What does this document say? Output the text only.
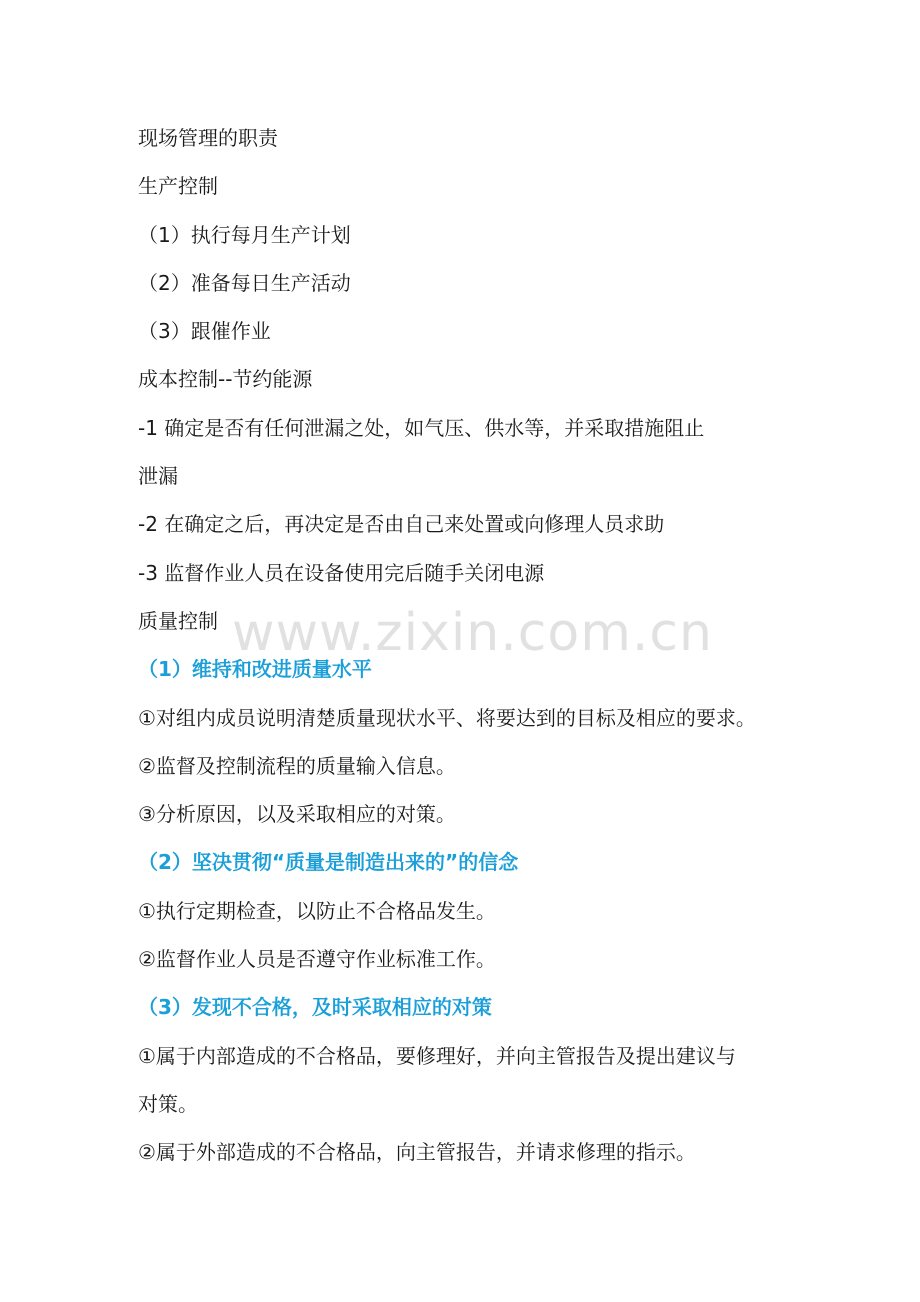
现场管理的职责
生产控制
（1）执行每月生产计划
（2）准备每日生产活动
（3）跟催作业
成本控制--节约能源
-1 确定是否有任何泄漏之处，如气压、供水等，并采取措施阻止
泄漏
-2 在确定之后，再决定是否由自己来处置或向修理人员求助
-3 监督作业人员在设备使用完后随手关闭电源
质量控制
（1）维持和改进质量水平
①对组内成员说明清楚质量现状水平、将要达到的目标及相应的要求。
②监督及控制流程的质量输入信息。
③分析原因，以及采取相应的对策。
（2）坚决贯彻“质量是制造出来的”的信念
①执行定期检查，以防止不合格品发生。
②监督作业人员是否遵守作业标准工作。
（3）发现不合格，及时采取相应的对策
①属于内部造成的不合格品，要修理好，并向主管报告及提出建议与
对策。
②属于外部造成的不合格品，向主管报告，并请求修理的指示。
www.zixin.com.cn
